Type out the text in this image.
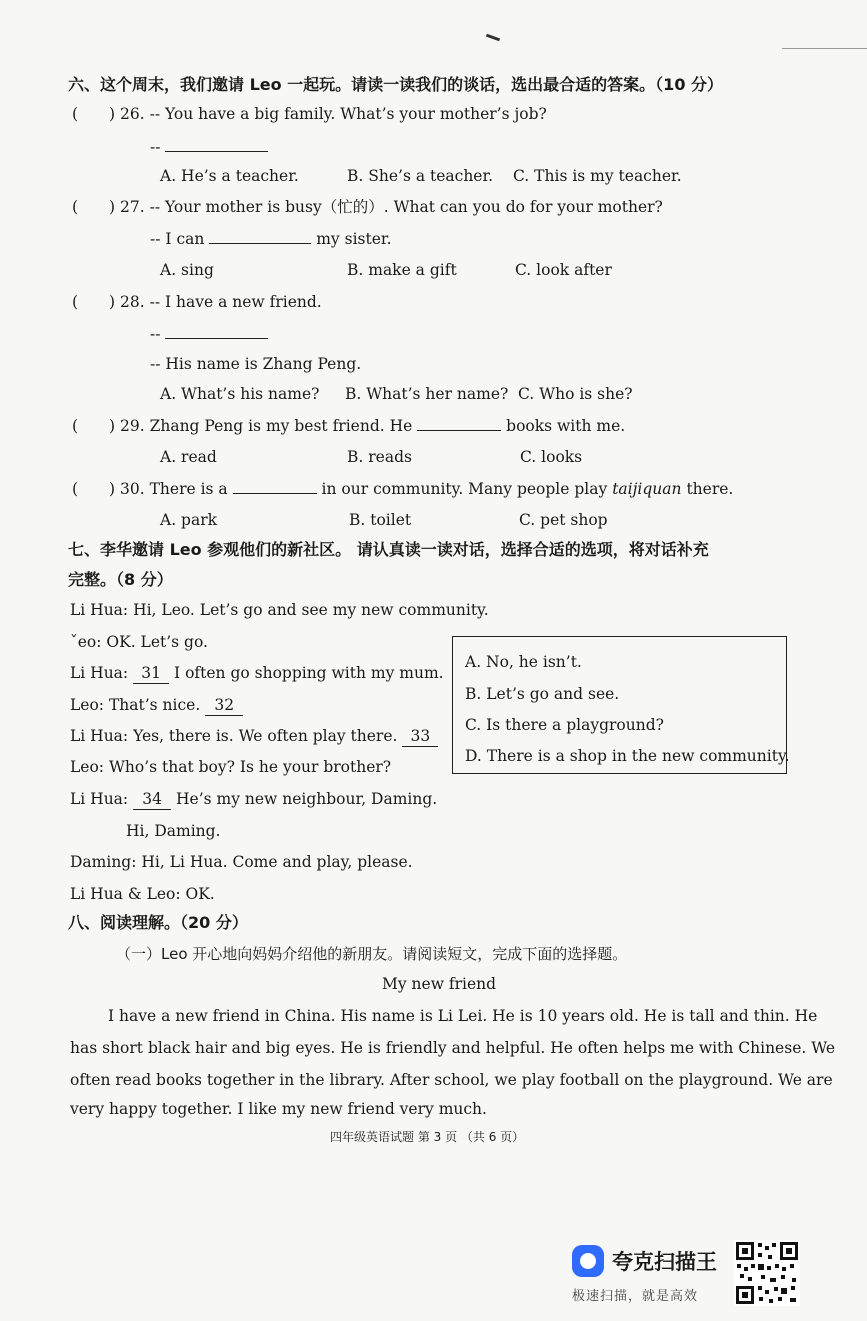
六、这个周末，我们邀请 Leo 一起玩。请读一读我们的谈话，选出最合适的答案。（10 分）
(　　) 26. -- You have a big family. What’s your mother’s job?
--
A. He’s a teacher.	B. She’s a teacher. C. This is my teacher.
(　　) 27. -- Your mother is busy（忙的）. What can you do for your mother?
-- I can	my sister.
A. sing	B. make a gift	C. look after
(　　) 28. -- I have a new friend.
--
-- His name is Zhang Peng.
A. What’s his name? B. What’s her name? C. Who is she?
(　　) 29. Zhang Peng is my best friend. He	books with me.
A. read	B. reads	C. looks
(　　) 30. There is a	in our community. Many people play taijiquan there.
A. park	B. toilet	C. pet shop
七、李华邀请 Leo 参观他们的新社区。 请认真读一读对话，选择合适的选项，将对话补充
完整。（8 分）
Li Hua: Hi, Leo. Let’s go and see my new community.
ˇeo: OK. Let’s go.
Li Hua: 31 I often go shopping with my mum.
Leo: That’s nice. 32
Li Hua: Yes, there is. We often play there. 33
Leo: Who’s that boy? Is he your brother?
Li Hua: 34 He’s my new neighbour, Daming.
Hi, Daming.
Daming: Hi, Li Hua. Come and play, please.
Li Hua & Leo: OK.
A. No, he isn’t.
B. Let’s go and see.
C. Is there a playground?
D. There is a shop in the new community.
八、阅读理解。（20 分）
（一）Leo 开心地向妈妈介绍他的新朋友。请阅读短文，完成下面的选择题。
My new friend
I have a new friend in China. His name is Li Lei. He is 10 years old. He is tall and thin. He
has short black hair and big eyes. He is friendly and helpful. He often helps me with Chinese. We
often read books together in the library. After school, we play football on the playground. We are
very happy together. I like my new friend very much.
四年级英语试题 第 3 页 （共 6 页）
夸克扫描王
极速扫描，就是高效
